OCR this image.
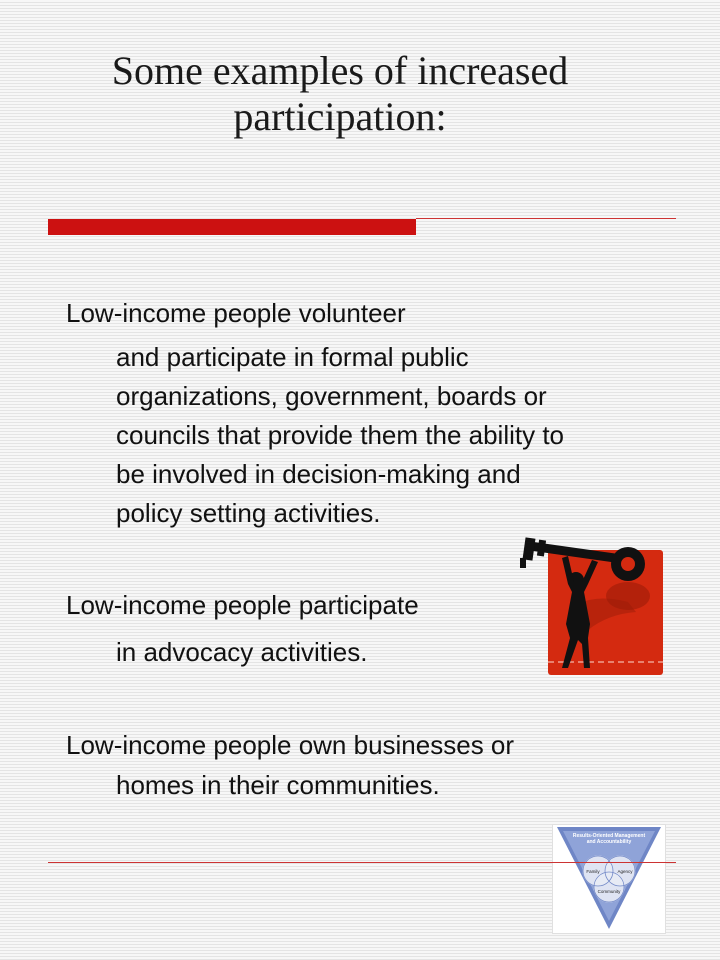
Some examples of increased
participation:

Low-income people volunteer

and participate in formal public
organizations, government, boards or
councils that provide them the ability to
be involved in decision-making and
policy setting activities.

Low-income people participate

in advocacy activities.

Low-income people own businesses or

homes in their communities.

Results-Oriented Management
and Accountability
Family	Agency
Community
